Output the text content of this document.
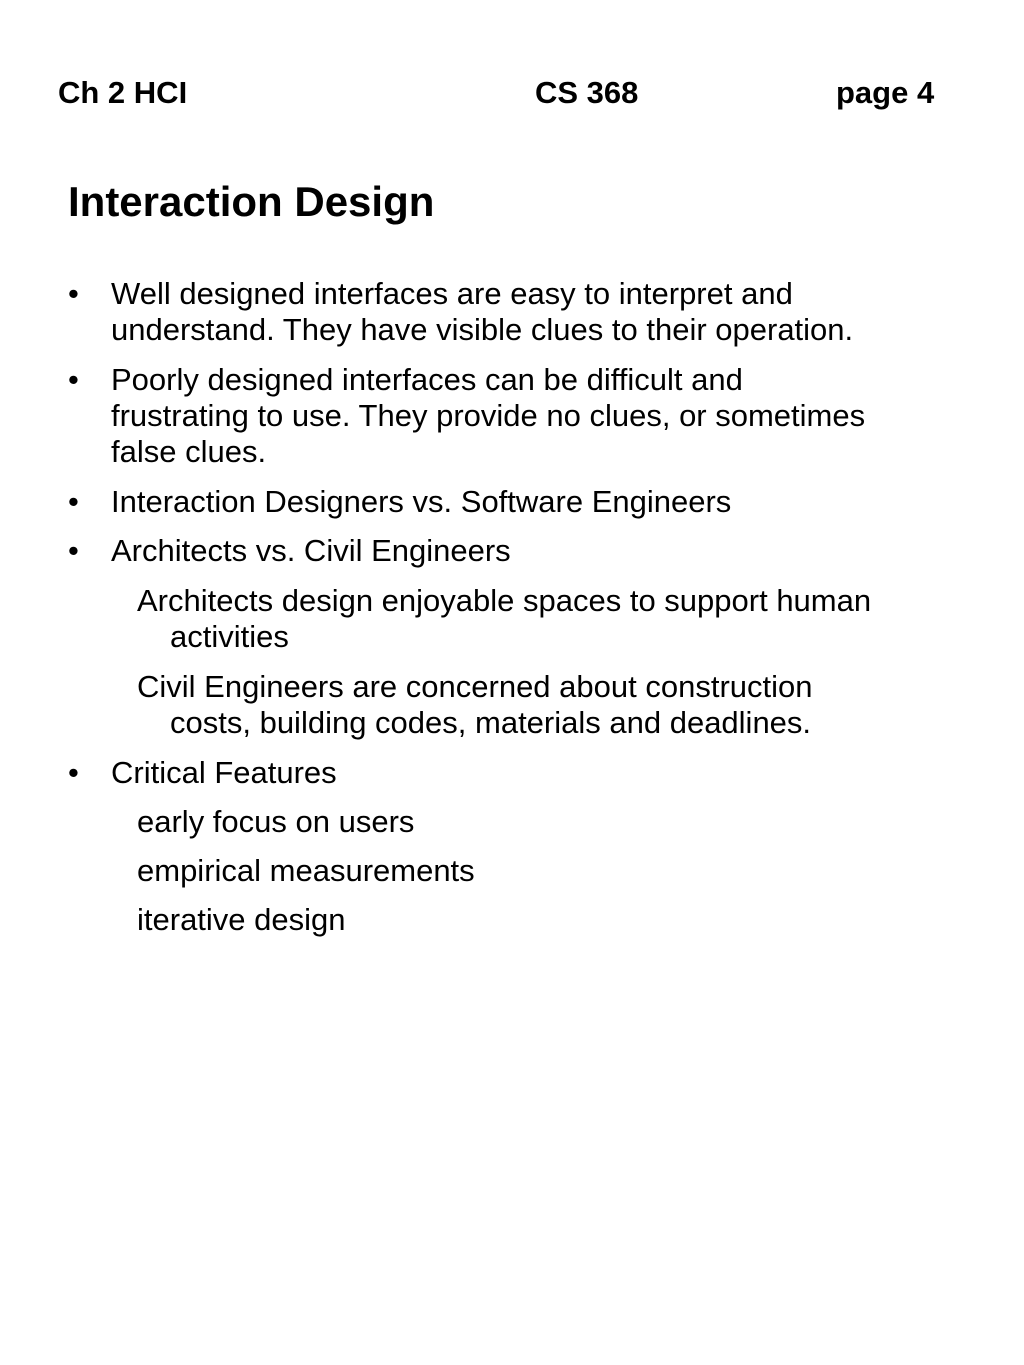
Ch 2 HCI	CS 368	page 4
Interaction Design
• Well designed interfaces are easy to interpret and
understand. They have visible clues to their operation.
• Poorly designed interfaces can be difficult and
frustrating to use. They provide no clues, or sometimes
false clues.
• Interaction Designers vs. Software Engineers
• Architects vs. Civil Engineers
Architects design enjoyable spaces to support human
activities
Civil Engineers are concerned about construction
costs, building codes, materials and deadlines.
• Critical Features
early focus on users
empirical measurements
iterative design
